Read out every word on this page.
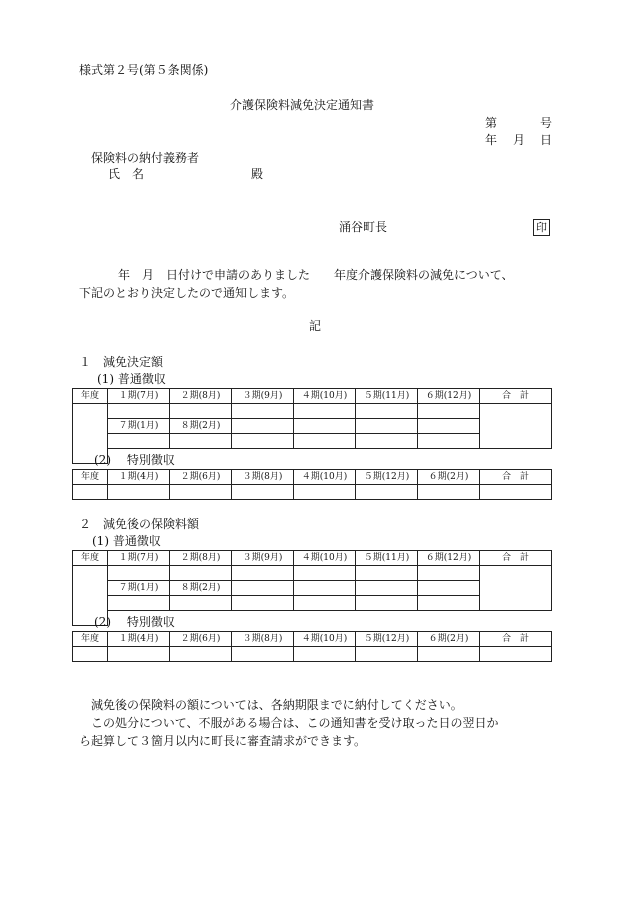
様式第２号(第５条関係)
介護保険料減免決定通知書
第	号
年 月 日
保険料の納付義務者
氏　名	殿
涌谷町長	印
年　月　日付けで申請のありました　　年度介護保険料の減免について、
下記のとおり決定したので通知します。
記
１　減免決定額
(1) 普通徴収
年度	１期(7月)	２期(8月)	３期(9月)	４期(10月)	５期(11月)	６期(12月)	合　計

	７期(1月)	８期(2月)					

(2)　 特別徴収
年度	１期(4月)	２期(6月)	３期(8月)	４期(10月)	５期(12月)	６期(2月)	合　計

２　減免後の保険料額
(1) 普通徴収
年度	１期(7月)	２期(8月)	３期(9月)	４期(10月)	５期(11月)	６期(12月)	合　計

	７期(1月)	８期(2月)					

(2)　 特別徴収
年度	１期(4月)	２期(6月)	３期(8月)	４期(10月)	５期(12月)	６期(2月)	合　計

減免後の保険料の額については、各納期限までに納付してください。
この処分について、不服がある場合は、この通知書を受け取った日の翌日か
ら起算して３箇月以内に町長に審査請求ができます。
